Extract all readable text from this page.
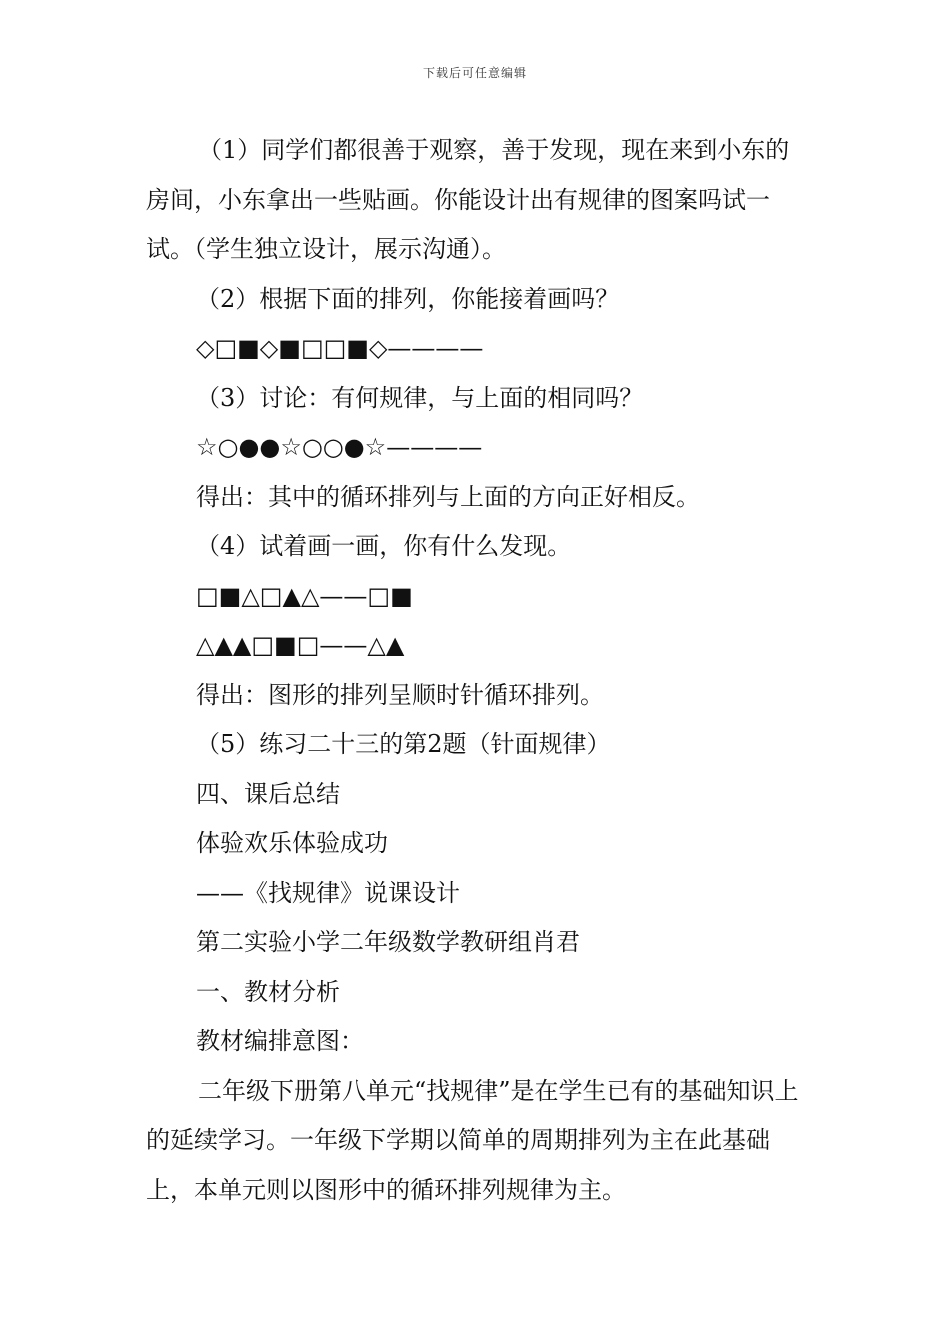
下载后可任意编辑

（1）同学们都很善于观察，善于发现，现在来到小东的房间，小东拿出一些贴画。你能设计出有规律的图案吗试一试。（学生独立设计，展示沟通）。

（2）根据下面的排列，你能接着画吗？

◇□■◇■□□■◇————

（3）讨论：有何规律，与上面的相同吗？

☆○●●☆○○●☆————

得出：其中的循环排列与上面的方向正好相反。

（4）试着画一画，你有什么发现。

□■△□▲△——□■

△▲▲□■□——△▲

得出：图形的排列呈顺时针循环排列。

（5）练习二十三的第2题（针面规律）

四、课后总结

体验欢乐体验成功

——《找规律》说课设计

第二实验小学二年级数学教研组肖君

一、教材分析

教材编排意图：

二年级下册第八单元“找规律”是在学生已有的基础知识上的延续学习。一年级下学期以简单的周期排列为主在此基础上，本单元则以图形中的循环排列规律为主。
